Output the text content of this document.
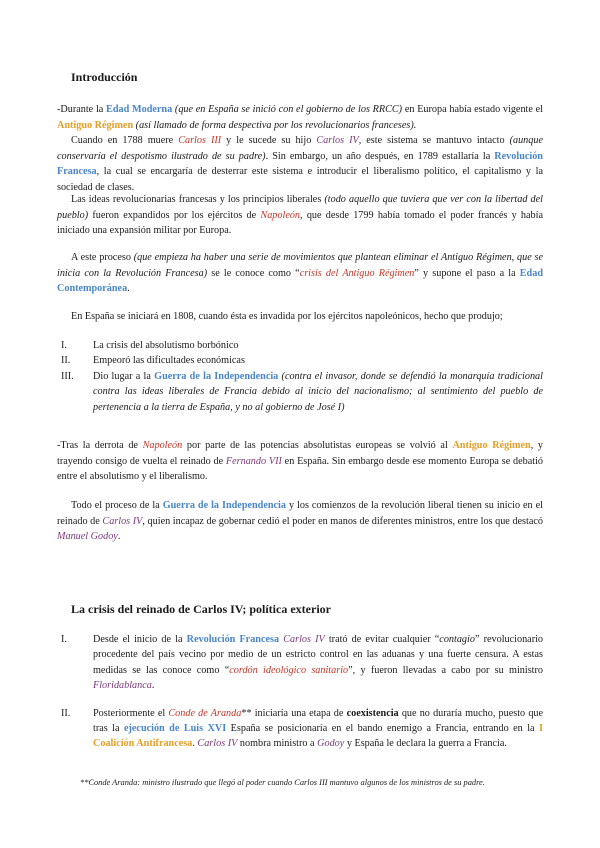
Introducción
-Durante la Edad Moderna (que en España se inició con el gobierno de los RRCC) en Europa había estado vigente el Antiguo Régimen (así llamado de forma despectiva por los revolucionarios franceses).
Cuando en 1788 muere Carlos III y le sucede su hijo Carlos IV, este sistema se mantuvo intacto (aunque conservaría el despotismo ilustrado de su padre). Sin embargo, un año después, en 1789 estallaría la Revolución Francesa, la cual se encargaría de desterrar este sistema e introducir el liberalismo político, el capitalismo y la sociedad de clases.
Las ideas revolucionarias francesas y los principios liberales (todo aquello que tuviera que ver con la libertad del pueblo) fueron expandidos por los ejércitos de Napoleón, que desde 1799 había tomado el poder francés y había iniciado una expansión militar por Europa.
A este proceso (que empieza ha haber una serie de movimientos que plantean eliminar el Antiguo Régimen, que se inicia con la Revolución Francesa) se le conoce como “crisis del Antiguo Régimen” y supone el paso a la Edad Contemporánea.
En España se iniciará en 1808, cuando ésta es invadida por los ejércitos napoleónicos, hecho que produjo;
I.	La crisis del absolutismo borbónico
II.	Empeoró las dificultades económicas
III.	Dio lugar a la Guerra de la Independencia (contra el invasor, donde se defendió la monarquía tradicional contra las ideas liberales de Francia debido al inicio del nacionalismo; al sentimiento del pueblo de pertenencia a la tierra de España, y no al gobierno de José I)
-Tras la derrota de Napoleón por parte de las potencias absolutistas europeas se volvió al Antiguo Régimen, y trayendo consigo de vuelta el reinado de Fernando VII en España. Sin embargo desde ese momento Europa se debatió entre el absolutismo y el liberalismo.
Todo el proceso de la Guerra de la Independencia y los comienzos de la revolución liberal tienen su inicio en el reinado de Carlos IV, quien incapaz de gobernar cedió el poder en manos de diferentes ministros, entre los que destacó Manuel Godoy.
La crisis del reinado de Carlos IV; política exterior
I.	Desde el inicio de la Revolución Francesa Carlos IV trató de evitar cualquier “contagio” revolucionario procedente del país vecino por medio de un estricto control en las aduanas y una fuerte censura. A estas medidas se las conoce como “cordón ideológico sanitario”, y fueron llevadas a cabo por su ministro Floridablanca.
II.	Posteriormente el Conde de Aranda** iniciaría una etapa de coexistencia que no duraría mucho, puesto que tras la ejecución de Luis XVI España se posicionaría en el bando enemigo a Francia, entrando en la I Coalición Antifrancesa. Carlos IV nombra ministro a Godoy y España le declara la guerra a Francia.
**Conde Aranda: ministro ilustrado que llegó al poder cuando Carlos III mantuvo algunos de los ministros de su padre.
